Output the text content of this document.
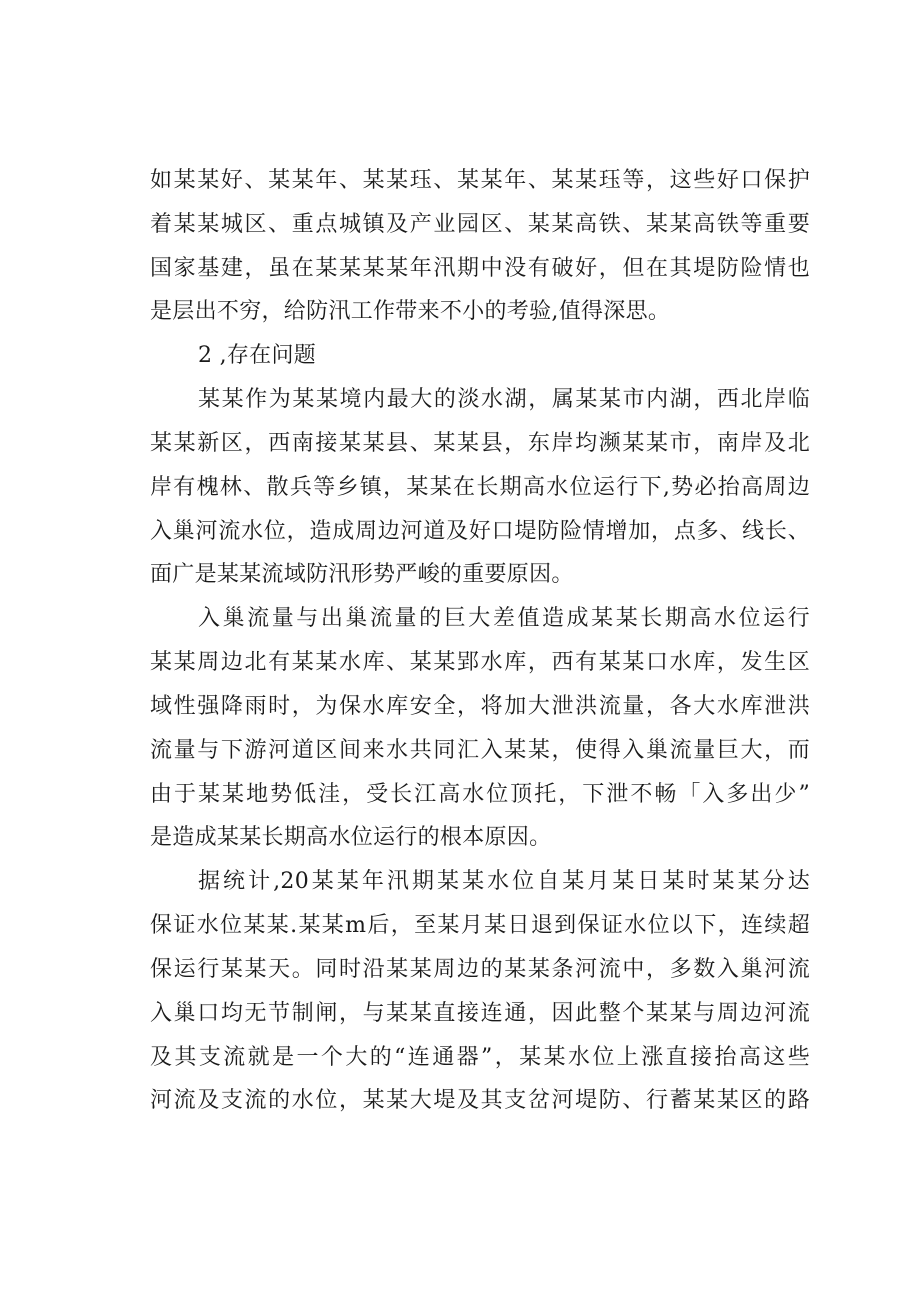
如某某好、某某年、某某珏、某某年、某某珏等，这些好口保护
着某某城区、重点城镇及产业园区、某某高铁、某某高铁等重要
国家基建，虽在某某某某年汛期中没有破好，但在其堤防险情也
是层出不穷，给防汛工作带来不小的考验,值得深思。
2 ,存在问题
某某作为某某境内最大的淡水湖，属某某市内湖，西北岸临
某某新区，西南接某某县、某某县，东岸均濒某某市，南岸及北
岸有槐林、散兵等乡镇，某某在长期高水位运行下,势必抬高周边
入巢河流水位，造成周边河道及好口堤防险情增加，点多、线长、
面广是某某流域防汛形势严峻的重要原因。
入巢流量与出巢流量的巨大差值造成某某长期高水位运行
某某周边北有某某水库、某某郢水库，西有某某口水库，发生区
域性强降雨时，为保水库安全，将加大泄洪流量，各大水库泄洪
流量与下游河道区间来水共同汇入某某，使得入巢流量巨大，而
由于某某地势低洼，受长江高水位顶托，下泄不畅「入多出少”
是造成某某长期高水位运行的根本原因。
据统计,20某某年汛期某某水位自某月某日某时某某分达
保证水位某某.某某m后，至某月某日退到保证水位以下，连续超
保运行某某天。同时沿某某周边的某某条河流中，多数入巢河流
入巢口均无节制闸，与某某直接连通，因此整个某某与周边河流
及其支流就是一个大的“连通器”，某某水位上涨直接抬高这些
河流及支流的水位，某某大堤及其支岔河堤防、行蓄某某区的路
